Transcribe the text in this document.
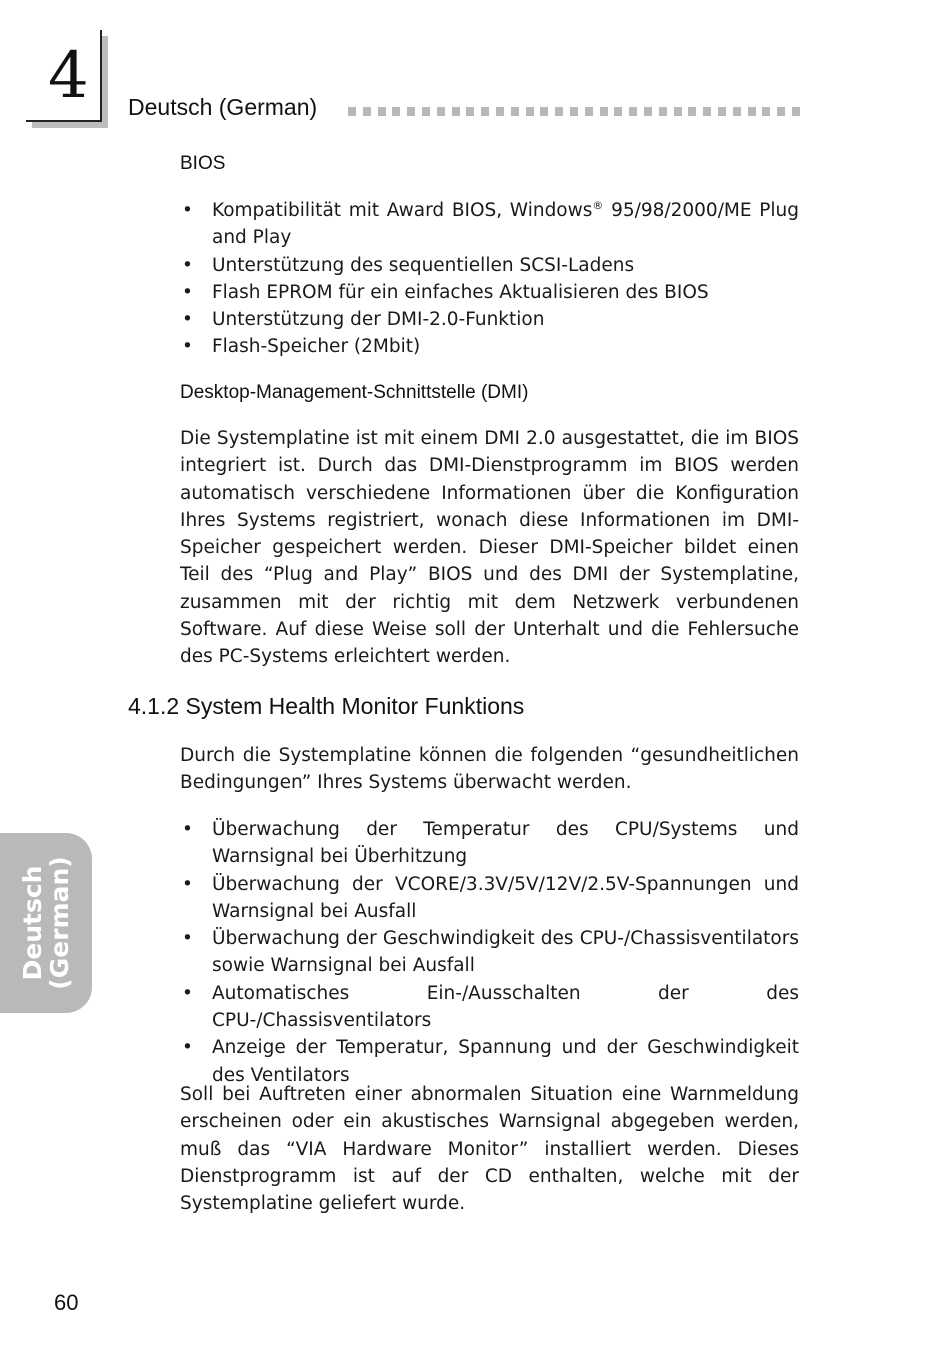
4 Deutsch (German)
BIOS
• Kompatibilität mit Award BIOS, Windows® 95/98/2000/ME Plug and Play
• Unterstützung des sequentiellen SCSI-Ladens
• Flash EPROM für ein einfaches Aktualisieren des BIOS
• Unterstützung der DMI-2.0-Funktion
• Flash-Speicher (2Mbit)
Desktop-Management-Schnittstelle (DMI)

Die Systemplatine ist mit einem DMI 2.0 ausgestattet, die im BIOS integriert ist. Durch das DMI-Dienstprogramm im BIOS werden automatisch verschiedene Informationen über die Konfiguration Ihres Systems registriert, wonach diese Informationen im DMI-Speicher gespeichert werden. Dieser DMI-Speicher bildet einen Teil des “Plug and Play” BIOS und des DMI der Systemplatine, zusammen mit der richtig mit dem Netzwerk verbundenen Software. Auf diese Weise soll der Unterhalt und die Fehlersuche des PC-Systems erleichtert werden.

4.1.2 System Health Monitor Funktions

Durch die Systemplatine können die folgenden “gesundheitlichen Bedingungen” Ihres Systems überwacht werden.

• Überwachung der Temperatur des CPU/Systems und Warnsignal bei Überhitzung
• Überwachung der VCORE/3.3V/5V/12V/2.5V-Spannungen und Warnsignal bei Ausfall
• Überwachung der Geschwindigkeit des CPU-/Chassisventilators sowie Warnsignal bei Ausfall
• Automatisches Ein-/Ausschalten der des CPU-/Chassisventilators
• Anzeige der Temperatur, Spannung und der Geschwindigkeit des Ventilators

Soll bei Auftreten einer abnormalen Situation eine Warnmeldung erscheinen oder ein akustisches Warnsignal abgegeben werden, muß das “VIA Hardware Monitor” installiert werden. Dieses Dienstprogramm ist auf der CD enthalten, welche mit der Systemplatine geliefert wurde.

Deutsch
(German)
60
